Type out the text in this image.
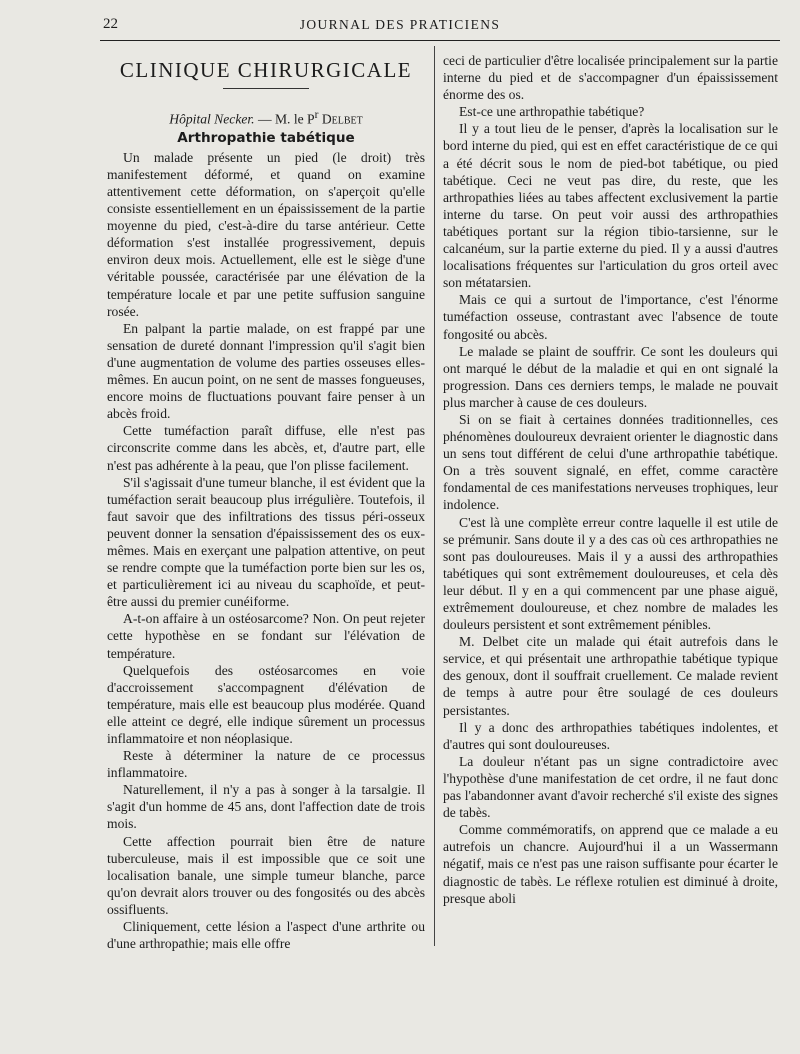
22	JOURNAL DES PRATICIENS
CLINIQUE CHIRURGICALE
Hôpital Necker. — M. le $P^r$ Delbet
Arthropathie tabétique

Un malade présente un pied (le droit) très manifestement déformé, et quand on examine attentivement cette déformation, on s'aperçoit qu'elle consiste essentiellement en un épaississement de la partie moyenne du pied, c'est-à-dire du tarse antérieur. Cette déformation s'est installée progressivement, depuis environ deux mois. Actuellement, elle est le siège d'une véritable poussée, caractérisée par une élévation de la température locale et par une petite suffusion sanguine rosée.

En palpant la partie malade, on est frappé par une sensation de dureté donnant l'impression qu'il s'agit bien d'une augmentation de volume des parties osseuses elles-mêmes. En aucun point, on ne sent de masses fongueuses, encore moins de fluctuations pouvant faire penser à un abcès froid.

Cette tuméfaction paraît diffuse, elle n'est pas circonscrite comme dans les abcès, et, d'autre part, elle n'est pas adhérente à la peau, que l'on plisse facilement.

S'il s'agissait d'une tumeur blanche, il est évident que la tuméfaction serait beaucoup plus irrégulière. Toutefois, il faut savoir que des infiltrations des tissus péri-osseux peuvent donner la sensation d'épaississement des os eux-mêmes. Mais en exerçant une palpation attentive, on peut se rendre compte que la tuméfaction porte bien sur les os, et particulièrement ici au niveau du scaphoïde, et peut-être aussi du premier cunéiforme.

A-t-on affaire à un ostéosarcome? Non. On peut rejeter cette hypothèse en se fondant sur l'élévation de température.

Quelquefois des ostéosarcomes en voie d'accroissement s'accompagnent d'élévation de température, mais elle est beaucoup plus modérée. Quand elle atteint ce degré, elle indique sûrement un processus inflammatoire et non néoplasique.

Reste à déterminer la nature de ce processus inflammatoire.

Naturellement, il n'y a pas à songer à la tarsalgie. Il s'agit d'un homme de 45 ans, dont l'affection date de trois mois.

Cette affection pourrait bien être de nature tuberculeuse, mais il est impossible que ce soit une localisation banale, une simple tumeur blanche, parce qu'on devrait alors trouver ou des fongosités ou des abcès ossifluents.

Cliniquement, cette lésion a l'aspect d'une arthrite ou d'une arthropathie; mais elle offre

ceci de particulier d'être localisée principalement sur la partie interne du pied et de s'accompagner d'un épaississement énorme des os.

Est-ce une arthropathie tabétique?

Il y a tout lieu de le penser, d'après la localisation sur le bord interne du pied, qui est en effet caractéristique de ce qui a été décrit sous le nom de pied-bot tabétique, ou pied tabétique. Ceci ne veut pas dire, du reste, que les arthropathies liées au tabes affectent exclusivement la partie interne du tarse. On peut voir aussi des arthropathies tabétiques portant sur la région tibio-tarsienne, sur le calcanéum, sur la partie externe du pied. Il y a aussi d'autres localisations fréquentes sur l'articulation du gros orteil avec son métatarsien.

Mais ce qui a surtout de l'importance, c'est l'énorme tuméfaction osseuse, contrastant avec l'absence de toute fongosité ou abcès.

Le malade se plaint de souffrir. Ce sont les douleurs qui ont marqué le début de la maladie et qui en ont signalé la progression. Dans ces derniers temps, le malade ne pouvait plus marcher à cause de ces douleurs.

Si on se fiait à certaines données traditionnelles, ces phénomènes douloureux devraient orienter le diagnostic dans un sens tout différent de celui d'une arthropathie tabétique. On a très souvent signalé, en effet, comme caractère fondamental de ces manifestations nerveuses trophiques, leur indolence.

C'est là une complète erreur contre laquelle il est utile de se prémunir. Sans doute il y a des cas où ces arthropathies ne sont pas douloureuses. Mais il y a aussi des arthropathies tabétiques qui sont extrêmement douloureuses, et cela dès leur début. Il y en a qui commencent par une phase aiguë, extrêmement douloureuse, et chez nombre de malades les douleurs persistent et sont extrêmement pénibles.

M. Delbet cite un malade qui était autrefois dans le service, et qui présentait une arthropathie tabétique typique des genoux, dont il souffrait cruellement. Ce malade revient de temps à autre pour être soulagé de ces douleurs persistantes.

Il y a donc des arthropathies tabétiques indolentes, et d'autres qui sont douloureuses.

La douleur n'étant pas un signe contradictoire avec l'hypothèse d'une manifestation de cet ordre, il ne faut donc pas l'abandonner avant d'avoir recherché s'il existe des signes de tabès.

Comme commémoratifs, on apprend que ce malade a eu autrefois un chancre. Aujourd'hui il a un Wassermann négatif, mais ce n'est pas une raison suffisante pour écarter le diagnostic de tabès. Le réflexe rotulien est diminué à droite, presque aboli
